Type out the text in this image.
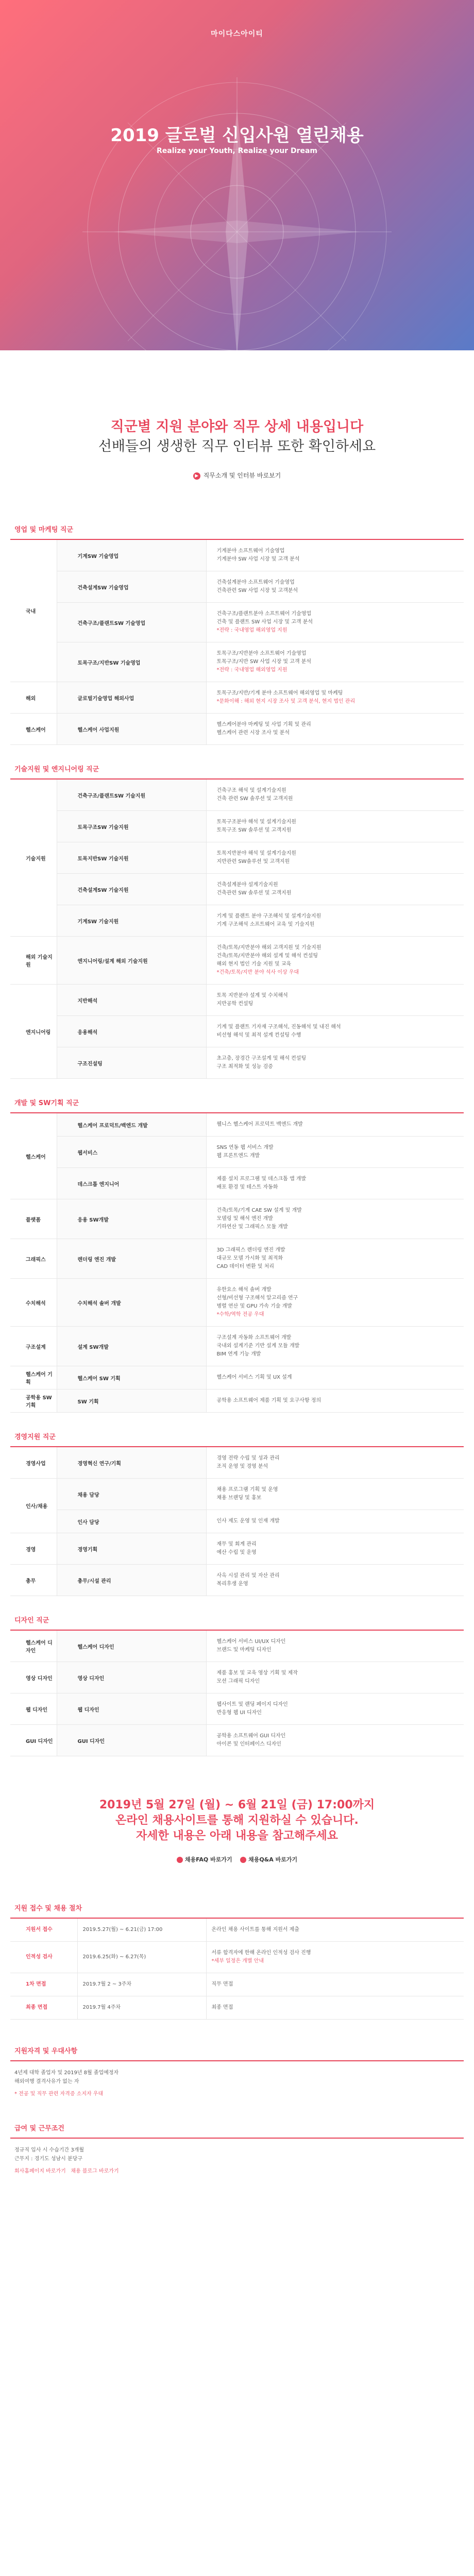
마이다스아이티
2019 글로벌 신입사원 열린채용
Realize your Youth, Realize your Dream
직군별 지원 분야와 직무 상세 내용입니다
선배들의 생생한 직무 인터뷰 또한 확인하세요
▶ 직무소개 및 인터뷰 바로보기
영업 및 마케팅 직군
국내	기계SW 기술영업	기계분야 소프트웨어 기술영업
기계분야 SW 사업 시장 및 고객 분석

	건축설계SW 기술영업	건축설계분야 소프트웨어 기술영업
건축관련 SW 사업 시장 및 고객분석

	건축구조/플랜트SW 기술영업	건축구조/플랜트분야 소프트웨어 기술영업
건축 및 플랜트 SW 사업 시장 및 고객 분석
*전략 : 국내영업 해외영업 지원

	토목구조/지반SW 기술영업	토목구조/지반분야 소프트웨어 기술영업
토목구조/지반 SW 사업 시장 및 고객 분석
*전략 : 국내영업 해외영업 지원

해외	글로벌기술영업 해외사업	토목구조/지반/기계 분야 소프트웨어 해외영업 및 마케팅
*문화이해 : 해외 현지 시장 조사 및 고객 분석, 현지 법인 관리

헬스케어	헬스케어 사업지원	헬스케어분야 마케팅 및 사업 기획 및 관리
헬스케어 관련 시장 조사 및 분석
기술지원 및 엔지니어링 직군
기술지원	건축구조/플랜트SW 기술지원	건축구조 해석 및 설계기술지원
건축 관련 SW 솔루션 및 고객지원

	토목구조SW 기술지원	토목구조분야 해석 및 설계기술지원
토목구조 SW 솔루션 및 고객지원

	토목지반SW 기술지원	토목지반분야 해석 및 설계기술지원
지반관련 SW솔루션 및 고객지원

	건축설계SW 기술지원	건축설계분야 설계기술지원
건축관련 SW 솔루션 및 고객지원

	기계SW 기술지원	기계 및 플랜트 분야 구조해석 및 설계기술지원
기계 구조해석 소프트웨어 교육 및 기술지원

해외 기술지원	엔지니어링/설계 해외 기술지원	건축/토목/지반분야 해외 고객지원 및 기술지원
건축/토목/지반분야 해외 설계 및 해석 컨설팅
해외 현지 법인 기술 지원 및 교육
*건축/토목/지반 분야 석사 이상 우대

엔지니어링	지반해석	토목 지반분야 설계 및 수치해석
지반공학 컨설팅

	응용해석	기계 및 플랜트 기자재 구조해석, 진동해석 및 내진 해석
비선형 해석 및 최적 설계 컨설팅 수행

	구조진설팅	초고층, 장경간 구조설계 및 해석 컨설팅
구조 최적화 및 성능 검증
개발 및 SW기획 직군
헬스케어	헬스케어 프로덕트/백엔드 개발	웰니스 헬스케어 프로덕트 백엔드 개발

	웹서비스	SNS 연동 웹 서비스 개발
웹 프론트엔드 개발

	데스크톱 엔지니어	제품 설치 프로그램 및 데스크톱 앱 개발
배포 환경 및 테스트 자동화

플랫폼	응용 SW개발	건축/토목/기계 CAE SW 설계 및 개발
모델링 및 해석 엔진 개발
기하연산 및 그래픽스 모듈 개발

그래픽스	렌더링 엔진 개발	3D 그래픽스 렌더링 엔진 개발
대규모 모델 가시화 및 최적화
CAD 데이터 변환 및 처리

수치해석	수치해석 솔버 개발	유한요소 해석 솔버 개발
선형/비선형 구조해석 알고리즘 연구
병렬 연산 및 GPU 가속 기술 개발
*수학/역학 전공 우대

구조설계	설계 SW개발	구조설계 자동화 소프트웨어 개발
국내외 설계기준 기반 설계 모듈 개발
BIM 연계 기능 개발

헬스케어 기획	헬스케어 SW 기획	헬스케어 서비스 기획 및 UX 설계

공학용 SW 기획	SW 기획	공학용 소프트웨어 제품 기획 및 요구사항 정의
경영지원 직군
경영사업	경영혁신 연구/기획	경영 전략 수립 및 성과 관리
조직 운영 및 경영 분석

인사/채용	채용 담당	채용 프로그램 기획 및 운영
채용 브랜딩 및 홍보

	인사 담당	인사 제도 운영 및 인재 개발

경영	경영기획	재무 및 회계 관리
예산 수립 및 운영

총무	총무/시설 관리	사옥 시설 관리 및 자산 관리
복리후생 운영
디자인 직군
헬스케어 디자인	헬스케어 디자인	헬스케어 서비스 UI/UX 디자인
브랜드 및 마케팅 디자인

영상 디자인	영상 디자인	제품 홍보 및 교육 영상 기획 및 제작
모션 그래픽 디자인

웹 디자인	웹 디자인	웹사이트 및 랜딩 페이지 디자인
반응형 웹 UI 디자인

GUI 디자인	GUI 디자인	공학용 소프트웨어 GUI 디자인
아이콘 및 인터페이스 디자인

2019년 5월 27일 (월) ~ 6월 21일 (금) 17:00까지

온라인 채용사이트를 통해 지원하실 수 있습니다.

자세한 내용은 아래 내용을 참고해주세요

채용FAQ 바로가기	채용Q&A 바로가기
지원 접수 및 채용 절차
지원서 접수	2019.5.27(월) ~ 6.21(금) 17:00	온라인 채용 사이트를 통해 지원서 제출

인적성 검사	2019.6.25(화) ~ 6.27(목)	서류 합격자에 한해 온라인 인적성 검사 진행
*세부 일정은 개별 안내

1차 면접	2019.7월 2 ~ 3주차	직무 면접

최종 면접	2019.7월 4주차	최종 면접
지원자격 및 우대사항
4년제 대학 졸업자 및 2019년 8월 졸업예정자
해외여행 결격사유가 없는 자
* 전공 및 직무 관련 자격증 소지자 우대
급여 및 근무조건
정규직 입사 시 수습기간 3개월
근무지 : 경기도 성남시 분당구
회사홈페이지 바로가기 채용 블로그 바로가기
